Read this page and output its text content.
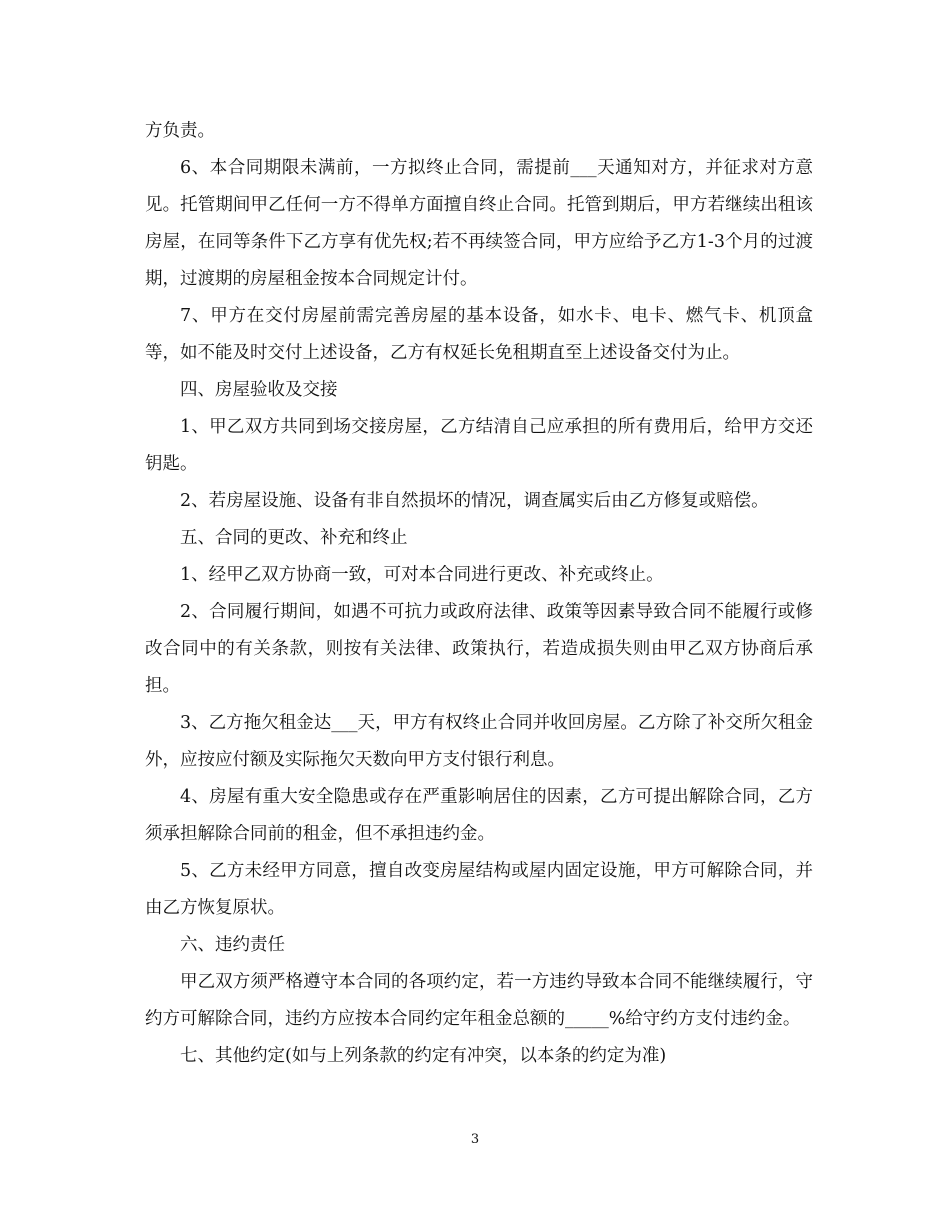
方负责。

6、本合同期限未满前，一方拟终止合同，需提前___天通知对方，并征求对方意见。托管期间甲乙任何一方不得单方面擅自终止合同。托管到期后，甲方若继续出租该房屋，在同等条件下乙方享有优先权;若不再续签合同，甲方应给予乙方1-3个月的过渡期，过渡期的房屋租金按本合同规定计付。

7、甲方在交付房屋前需完善房屋的基本设备，如水卡、电卡、燃气卡、机顶盒等，如不能及时交付上述设备，乙方有权延长免租期直至上述设备交付为止。

四、房屋验收及交接

1、甲乙双方共同到场交接房屋，乙方结清自己应承担的所有费用后，给甲方交还钥匙。

2、若房屋设施、设备有非自然损坏的情况，调查属实后由乙方修复或赔偿。

五、合同的更改、补充和终止

1、经甲乙双方协商一致，可对本合同进行更改、补充或终止。

2、合同履行期间，如遇不可抗力或政府法律、政策等因素导致合同不能履行或修改合同中的有关条款，则按有关法律、政策执行，若造成损失则由甲乙双方协商后承担。

3、乙方拖欠租金达___天，甲方有权终止合同并收回房屋。乙方除了补交所欠租金外，应按应付额及实际拖欠天数向甲方支付银行利息。

4、房屋有重大安全隐患或存在严重影响居住的因素，乙方可提出解除合同，乙方须承担解除合同前的租金，但不承担违约金。

5、乙方未经甲方同意，擅自改变房屋结构或屋内固定设施，甲方可解除合同，并由乙方恢复原状。

六、违约责任

甲乙双方须严格遵守本合同的各项约定，若一方违约导致本合同不能继续履行，守约方可解除合同，违约方应按本合同约定年租金总额的_____%给守约方支付违约金。

七、其他约定(如与上列条款的约定有冲突，以本条的约定为准)

3
